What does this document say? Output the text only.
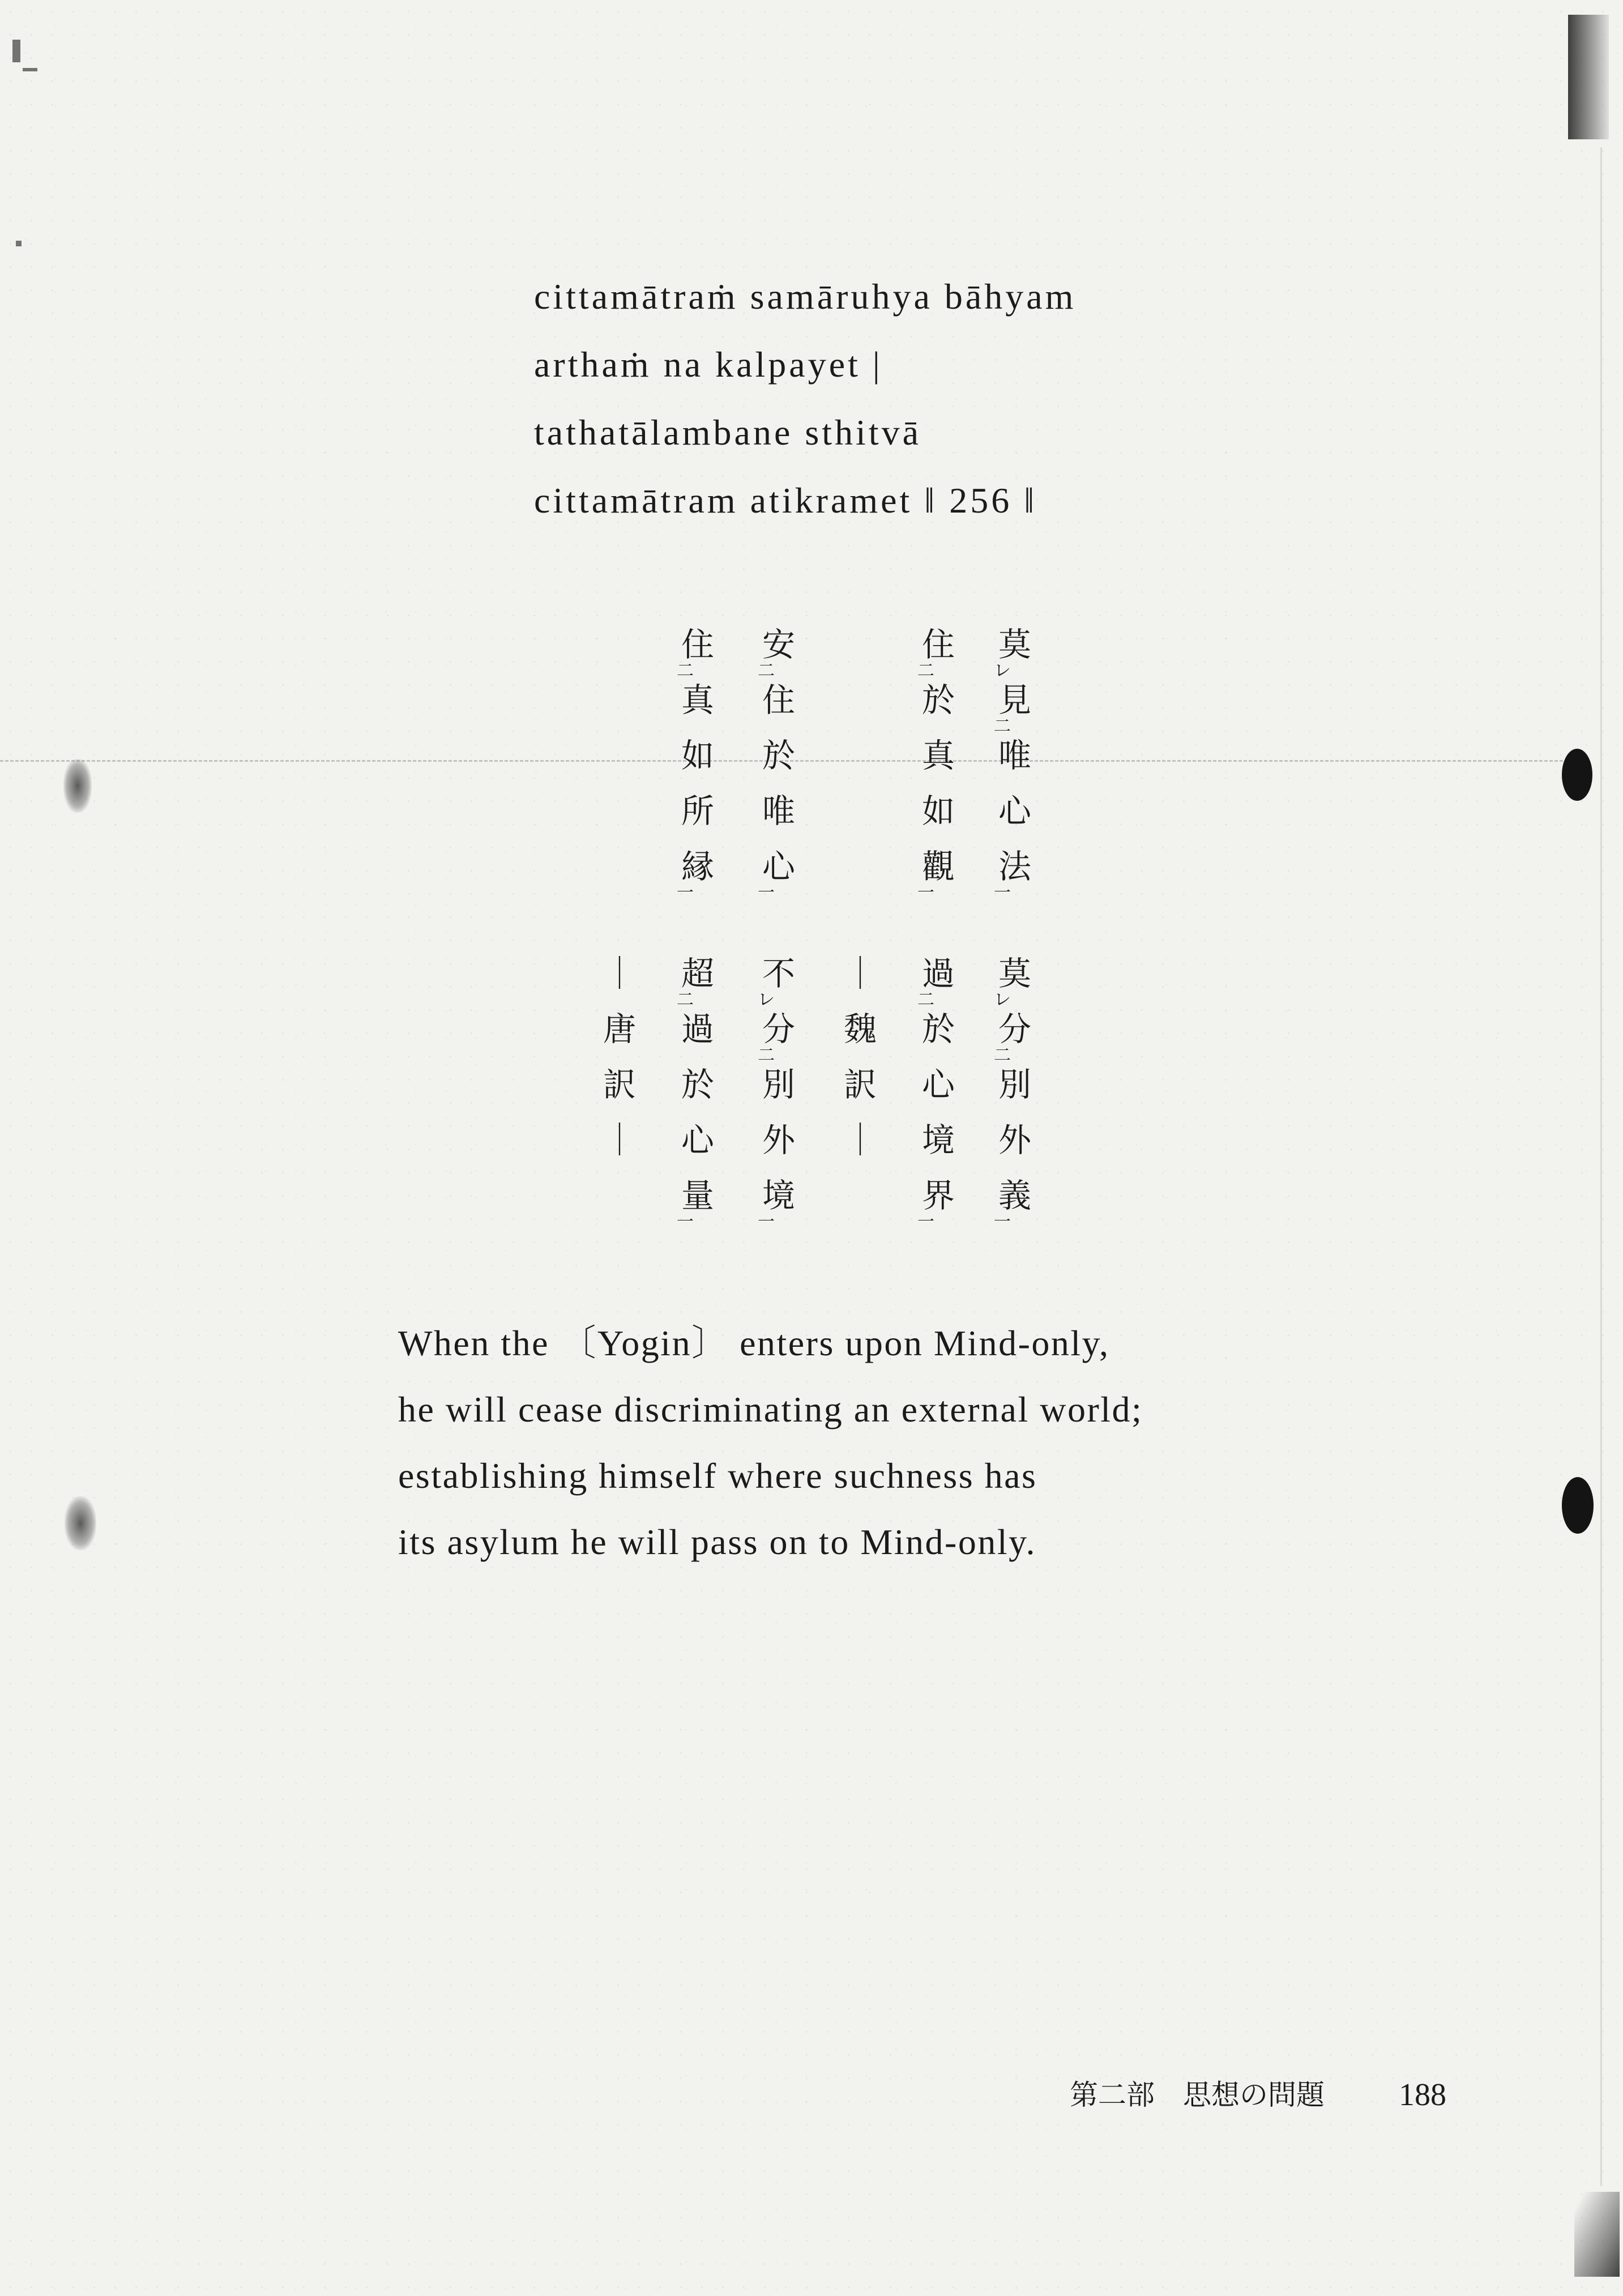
cittamātraṁ samāruhya bāhyam
arthaṁ na kalpayet |
tathatālambane sthitvā
cittamātram atikramet ‖ 256 ‖
莫
レ
見
二
唯
心
法
一
住
二
於
真
如
觀
一
安
二
住
於
唯
心
一
住
二
真
如
所
縁
一
莫
レ
分
二
別
外
義
一
過
二
於
心
境
界
一
｜
魏
訳
｜
不
レ
分
二
別
外
境
一
超
二
過
於
心
量
一
｜
唐
訳
｜
When the 〔Yogin〕 enters upon Mind-only,
he will cease discriminating an external world;
establishing himself where suchness has
its asylum he will pass on to Mind-only.
第二部　思想の問題 188
